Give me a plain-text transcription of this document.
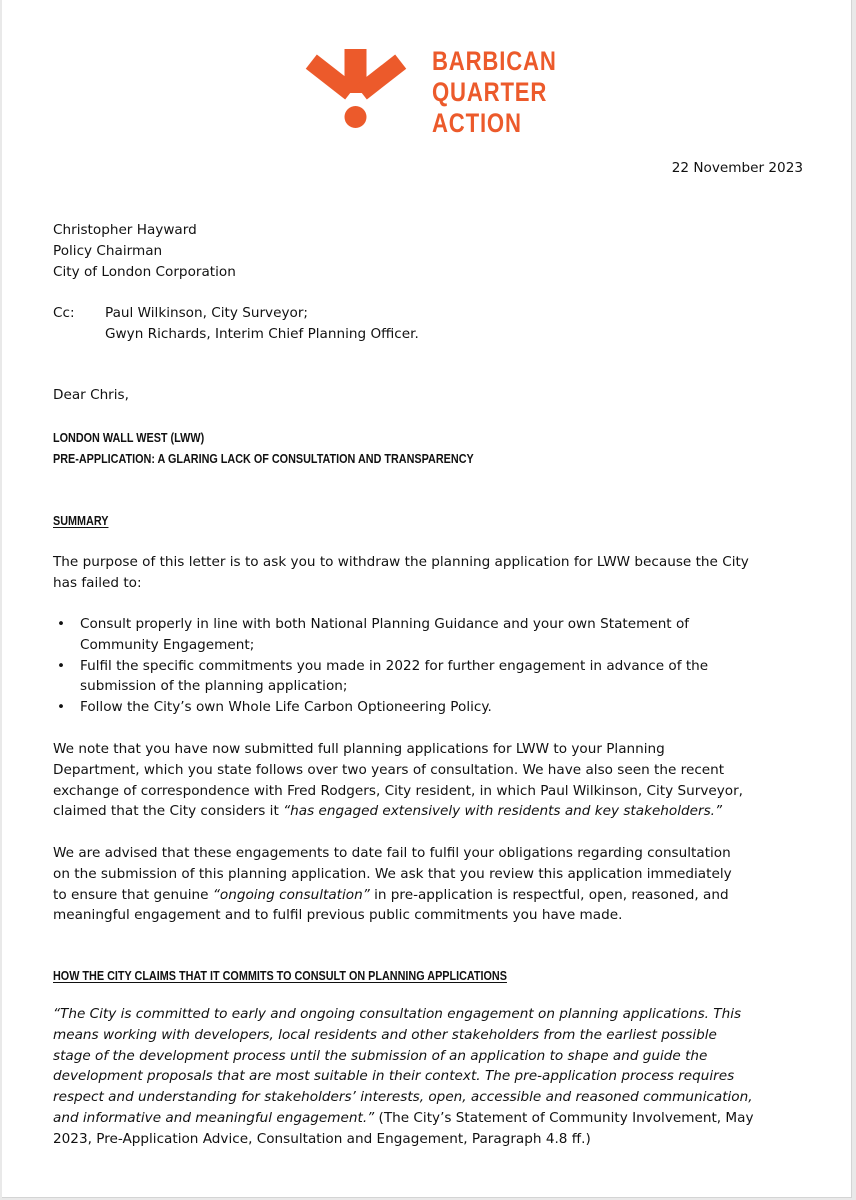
BARBICAN
QUARTER
ACTION
22 November 2023
Christopher Hayward
Policy Chairman
City of London Corporation
Cc: Paul Wilkinson, City Surveyor;
Gwyn Richards, Interim Chief Planning Officer.
Dear Chris,
LONDON WALL WEST (LWW)
PRE-APPLICATION: A GLARING LACK OF CONSULTATION AND TRANSPARENCY
SUMMARY
The purpose of this letter is to ask you to withdraw the planning application for LWW because the City
has failed to:
• Consult properly in line with both National Planning Guidance and your own Statement of
Community Engagement;
• Fulfil the specific commitments you made in 2022 for further engagement in advance of the
submission of the planning application;
• Follow the City’s own Whole Life Carbon Optioneering Policy.
We note that you have now submitted full planning applications for LWW to your Planning
Department, which you state follows over two years of consultation. We have also seen the recent
exchange of correspondence with Fred Rodgers, City resident, in which Paul Wilkinson, City Surveyor,
claimed that the City considers it “has engaged extensively with residents and key stakeholders.”
We are advised that these engagements to date fail to fulfil your obligations regarding consultation
on the submission of this planning application. We ask that you review this application immediately
to ensure that genuine “ongoing consultation” in pre-application is respectful, open, reasoned, and
meaningful engagement and to fulfil previous public commitments you have made.
HOW THE CITY CLAIMS THAT IT COMMITS TO CONSULT ON PLANNING APPLICATIONS
“The City is committed to early and ongoing consultation engagement on planning applications. This
means working with developers, local residents and other stakeholders from the earliest possible
stage of the development process until the submission of an application to shape and guide the
development proposals that are most suitable in their context. The pre-application process requires
respect and understanding for stakeholders’ interests, open, accessible and reasoned communication,
and informative and meaningful engagement.” (The City’s Statement of Community Involvement, May
2023, Pre-Application Advice, Consultation and Engagement, Paragraph 4.8 ff.)
